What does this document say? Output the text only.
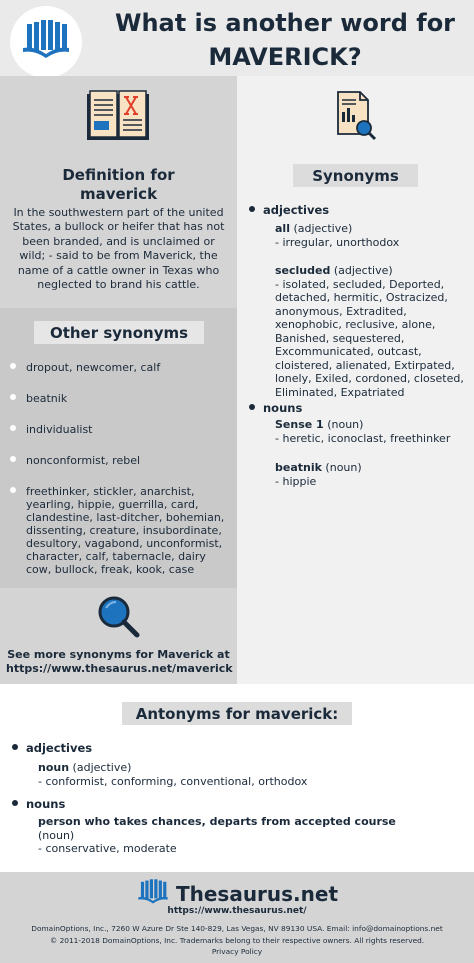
What is another word for
MAVERICK?
Definition for
maverick
In the southwestern part of the united States, a bullock or heifer that has not been branded, and is unclaimed or wild; - said to be from Maverick, the name of a cattle owner in Texas who neglected to brand his cattle.
Synonyms
adjectives
all (adjective)
- irregular, unorthodox
secluded (adjective)
- isolated, secluded, Deported, detached, hermitic, Ostracized, anonymous, Extradited, xenophobic, reclusive, alone, Banished, sequestered, Excommunicated, outcast, cloistered, alienated, Extirpated, lonely, Exiled, cordoned, closeted, Eliminated, Expatriated
nouns
Sense 1 (noun)
- heretic, iconoclast, freethinker
beatnik (noun)
- hippie
Other synonyms
dropout, newcomer, calf
beatnik
individualist
nonconformist, rebel
freethinker, stickler, anarchist, yearling, hippie, guerrilla, card, clandestine, last-ditcher, bohemian, dissenting, creature, insubordinate, desultory, vagabond, unconformist, character, calf, tabernacle, dairy cow, bullock, freak, kook, case
See more synonyms for Maverick at
https://www.thesaurus.net/maverick
Antonyms for maverick:
adjectives
noun (adjective)
- conformist, conforming, conventional, orthodox
nouns
person who takes chances, departs from accepted course
(noun)
- conservative, moderate
Thesaurus.net
https://www.thesaurus.net/
DomainOptions, Inc., 7260 W Azure Dr Ste 140-829, Las Vegas, NV 89130 USA. Email: info@domainoptions.net
© 2011-2018 DomainOptions, Inc. Trademarks belong to their respective owners. All rights reserved.
Privacy Policy
